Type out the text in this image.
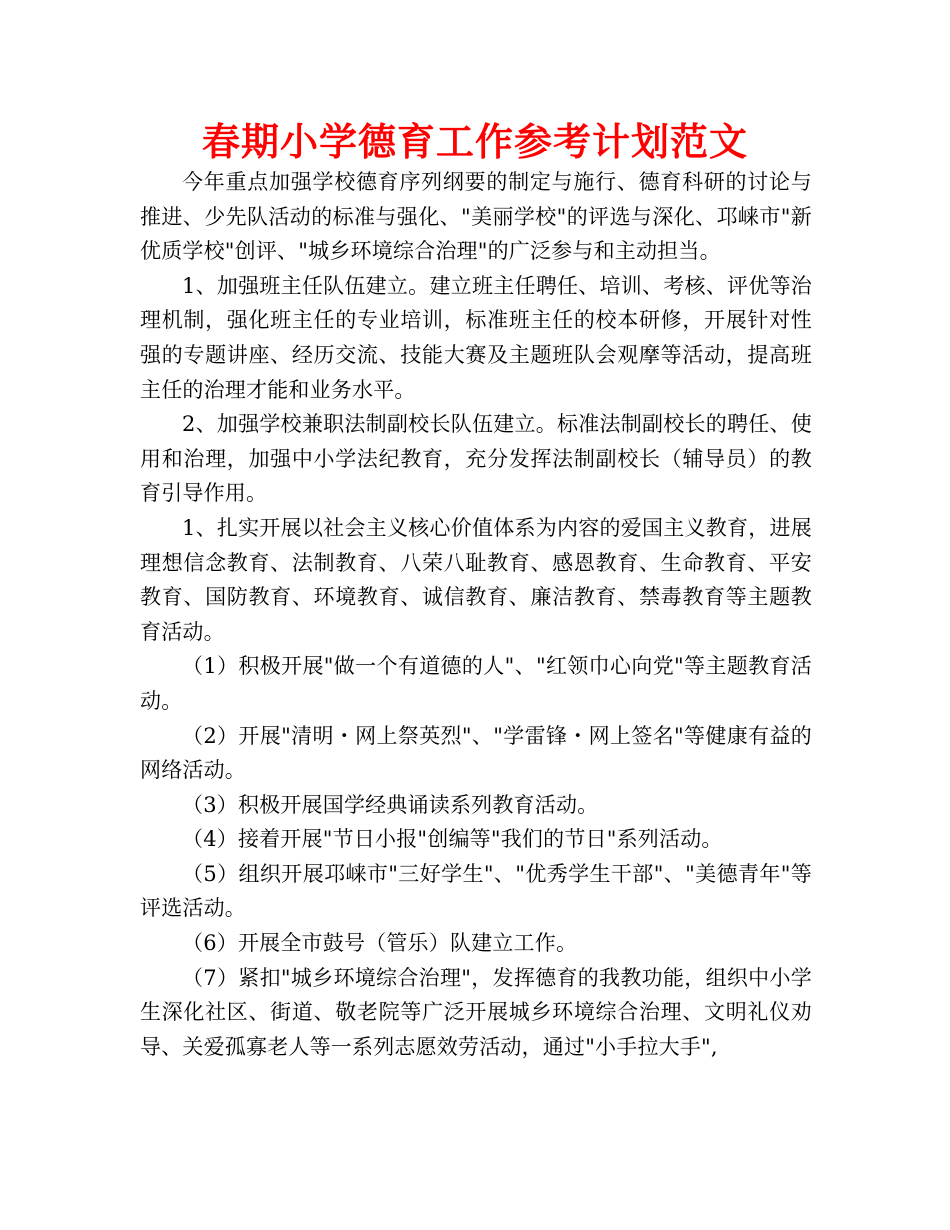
春期小学德育工作参考计划范文

今年重点加强学校德育序列纲要的制定与施行、德育科研的讨论与推进、少先队活动的标准与强化、"美丽学校"的评选与深化、邛崃市"新优质学校"创评、"城乡环境综合治理"的广泛参与和主动担当。

1、加强班主任队伍建立。建立班主任聘任、培训、考核、评优等治理机制，强化班主任的专业培训，标准班主任的校本研修，开展针对性强的专题讲座、经历交流、技能大赛及主题班队会观摩等活动，提高班主任的治理才能和业务水平。

2、加强学校兼职法制副校长队伍建立。标准法制副校长的聘任、使用和治理，加强中小学法纪教育，充分发挥法制副校长（辅导员）的教育引导作用。

1、扎实开展以社会主义核心价值体系为内容的爱国主义教育，进展理想信念教育、法制教育、八荣八耻教育、感恩教育、生命教育、平安教育、国防教育、环境教育、诚信教育、廉洁教育、禁毒教育等主题教育活动。

（1）积极开展"做一个有道德的人"、"红领巾心向党"等主题教育活动。

（2）开展"清明・网上祭英烈"、"学雷锋・网上签名"等健康有益的网络活动。

（3）积极开展国学经典诵读系列教育活动。

（4）接着开展"节日小报"创编等"我们的节日"系列活动。

（5）组织开展邛崃市"三好学生"、"优秀学生干部"、"美德青年"等评选活动。

（6）开展全市鼓号（管乐）队建立工作。

（7）紧扣"城乡环境综合治理"，发挥德育的我教功能，组织中小学生深化社区、街道、敬老院等广泛开展城乡环境综合治理、文明礼仪劝导、关爱孤寡老人等一系列志愿效劳活动，通过"小手拉大手",
